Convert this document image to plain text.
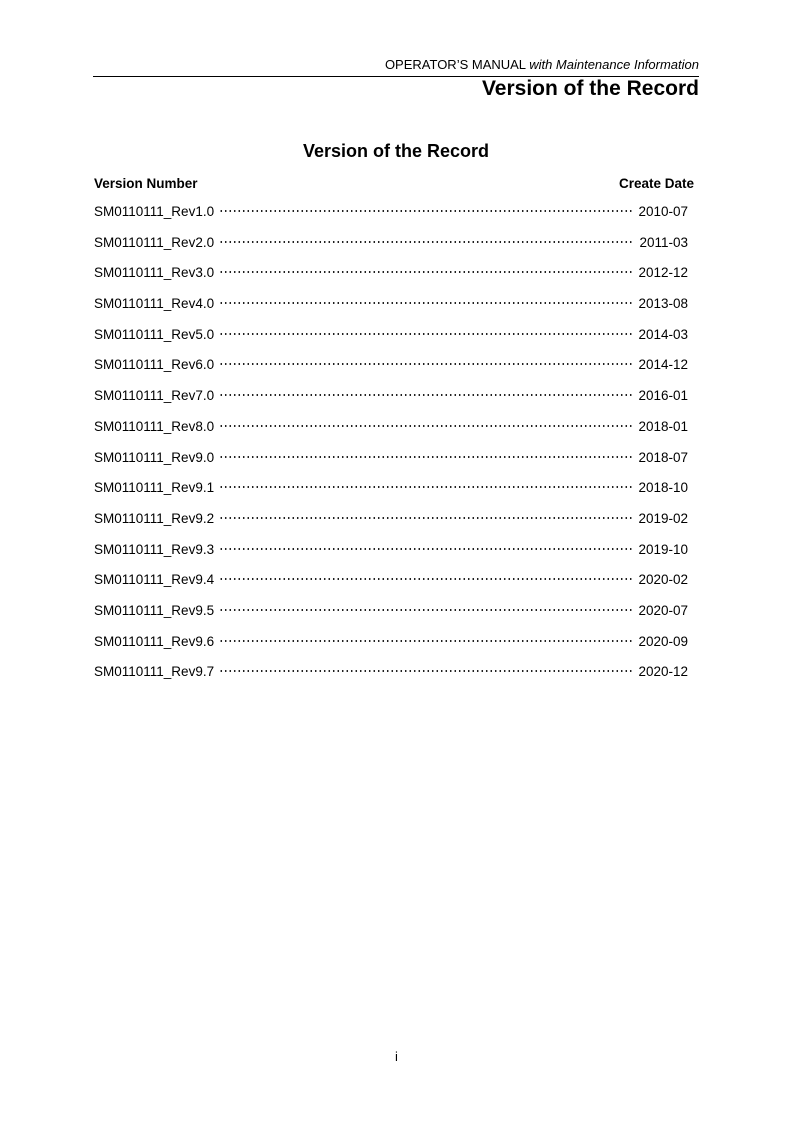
OPERATOR’S MANUAL with Maintenance Information
Version of the Record
Version of the Record
Version Number	Create Date
SM0110111_Rev1.0	2010-07
SM0110111_Rev2.0	2011-03
SM0110111_Rev3.0	2012-12
SM0110111_Rev4.0	2013-08
SM0110111_Rev5.0	2014-03
SM0110111_Rev6.0	2014-12
SM0110111_Rev7.0	2016-01
SM0110111_Rev8.0	2018-01
SM0110111_Rev9.0	2018-07
SM0110111_Rev9.1	2018-10
SM0110111_Rev9.2	2019-02
SM0110111_Rev9.3	2019-10
SM0110111_Rev9.4	2020-02
SM0110111_Rev9.5	2020-07
SM0110111_Rev9.6	2020-09
SM0110111_Rev9.7	2020-12
i
